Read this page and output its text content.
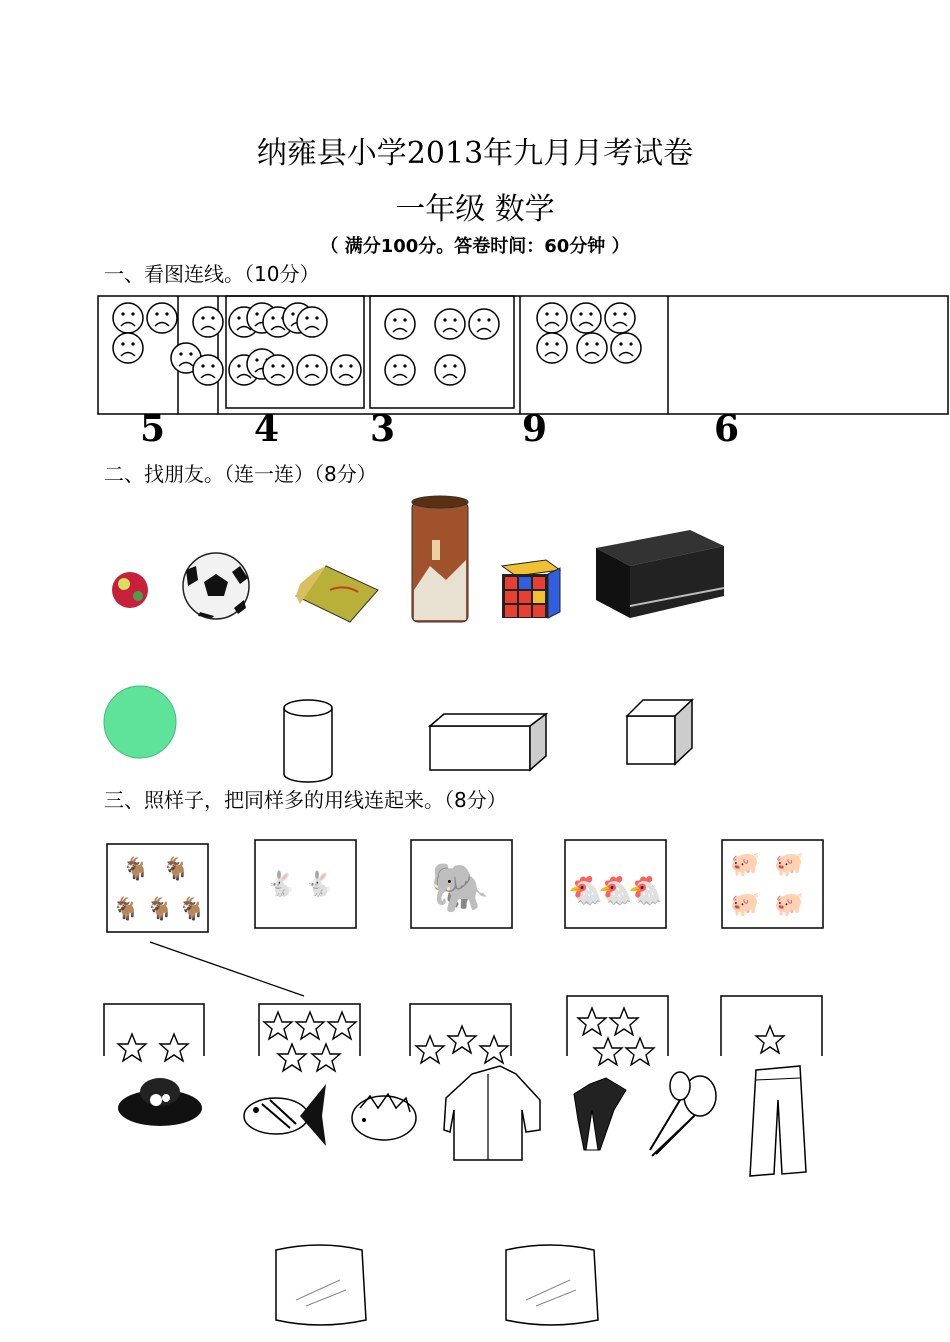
纳雍县小学2013年九月月考试卷
一年级 数学
（ 满分100分。答卷时间：60分钟 ）
一、看图连线。（10分）
二、找朋友。（连一连）（8分）
三、照样子，把同样多的用线连起来。（8分）
5 4	3	9	6
🐐 🐐
🐐 🐐 🐐
🐇 🐇 🐘	🐔
🐔
🐔
🐖 🐖
🐖 🐖
